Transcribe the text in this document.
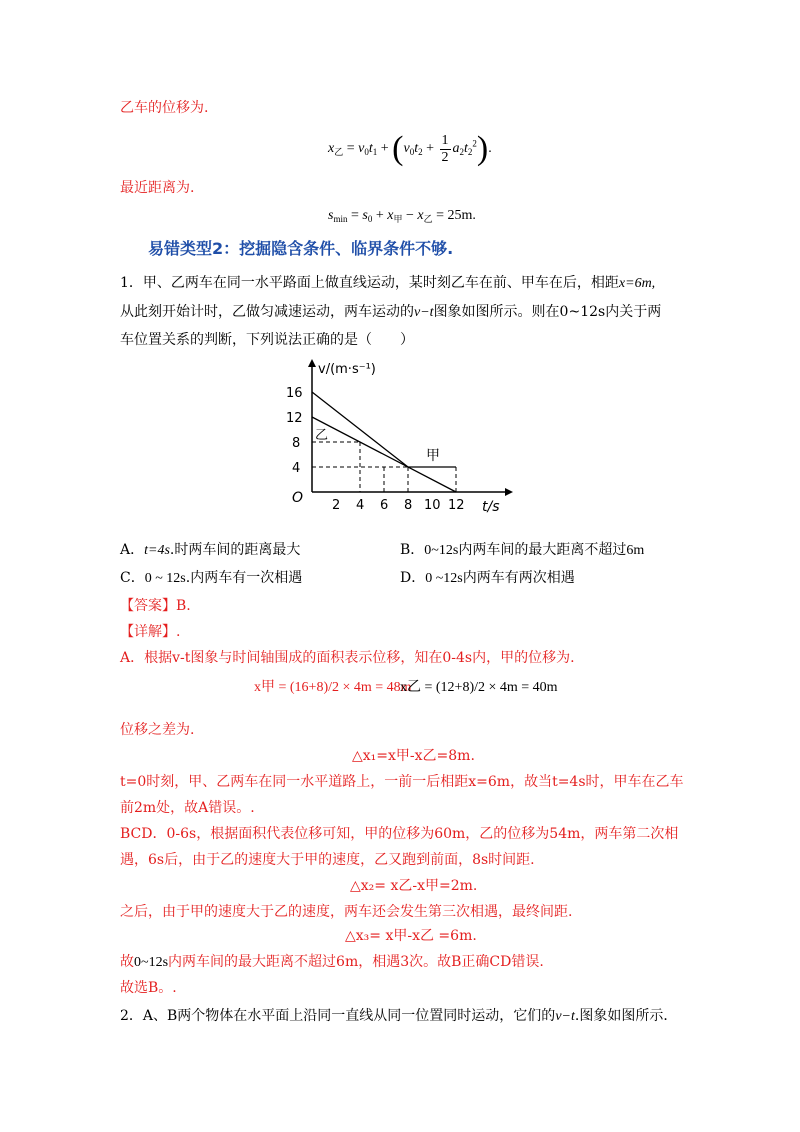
乙车的位移为.
$x_乙 = v_0t_1 + (v_0t_2 + \frac{1}{2} a_2t_2^2)$.
最近距离为.
$s_{min} = s_0 + x_甲 - x_乙 = 25m$.
易错类型2：挖掘隐含条件、临界条件不够.
1．甲、乙两车在同一水平路面上做直线运动，某时刻乙车在前、甲车在后，相距x=6m,
从此刻开始计时，乙做匀减速运动，两车运动的v−t图象如图所示。则在0~12s内关于两
车位置关系的判断，下列说法正确的是（　　）
v/(m·s⁻¹)
t/s
O
甲
乙
16
12
8
4
2 4 6 8 10 12
A．t=4s.时两车间的距离最大	B．0~12s内两车间的最大距离不超过6m
C．0 ~ 12s.内两车有一次相遇	D．0 ~12s内两车有两次相遇
【答案】B.
【详解】.
A．根据v-t图象与时间轴围成的面积表示位移，知在0-4s内，甲的位移为.
x甲 = (16+8)/2 × 4m = 48m
x乙 = (12+8)/2 × 4m = 40m
位移之差为.
△x₁=x甲-x乙=8m.
t=0时刻，甲、乙两车在同一水平道路上，一前一后相距x=6m，故当t=4s时，甲车在乙车
前2m处，故A错误。.
BCD．0-6s，根据面积代表位移可知，甲的位移为60m，乙的位移为54m，两车第二次相
遇，6s后，由于乙的速度大于甲的速度，乙又跑到前面，8s时间距.
△x₂= x乙-x甲=2m.
之后，由于甲的速度大于乙的速度，两车还会发生第三次相遇，最终间距.
△x₃= x甲-x乙 =6m.
故0~12s内两车间的最大距离不超过6m，相遇3次。故B正确CD错误.
故选B。.
2．A、B两个物体在水平面上沿同一直线从同一位置同时运动，它们的v−t.图象如图所示．
